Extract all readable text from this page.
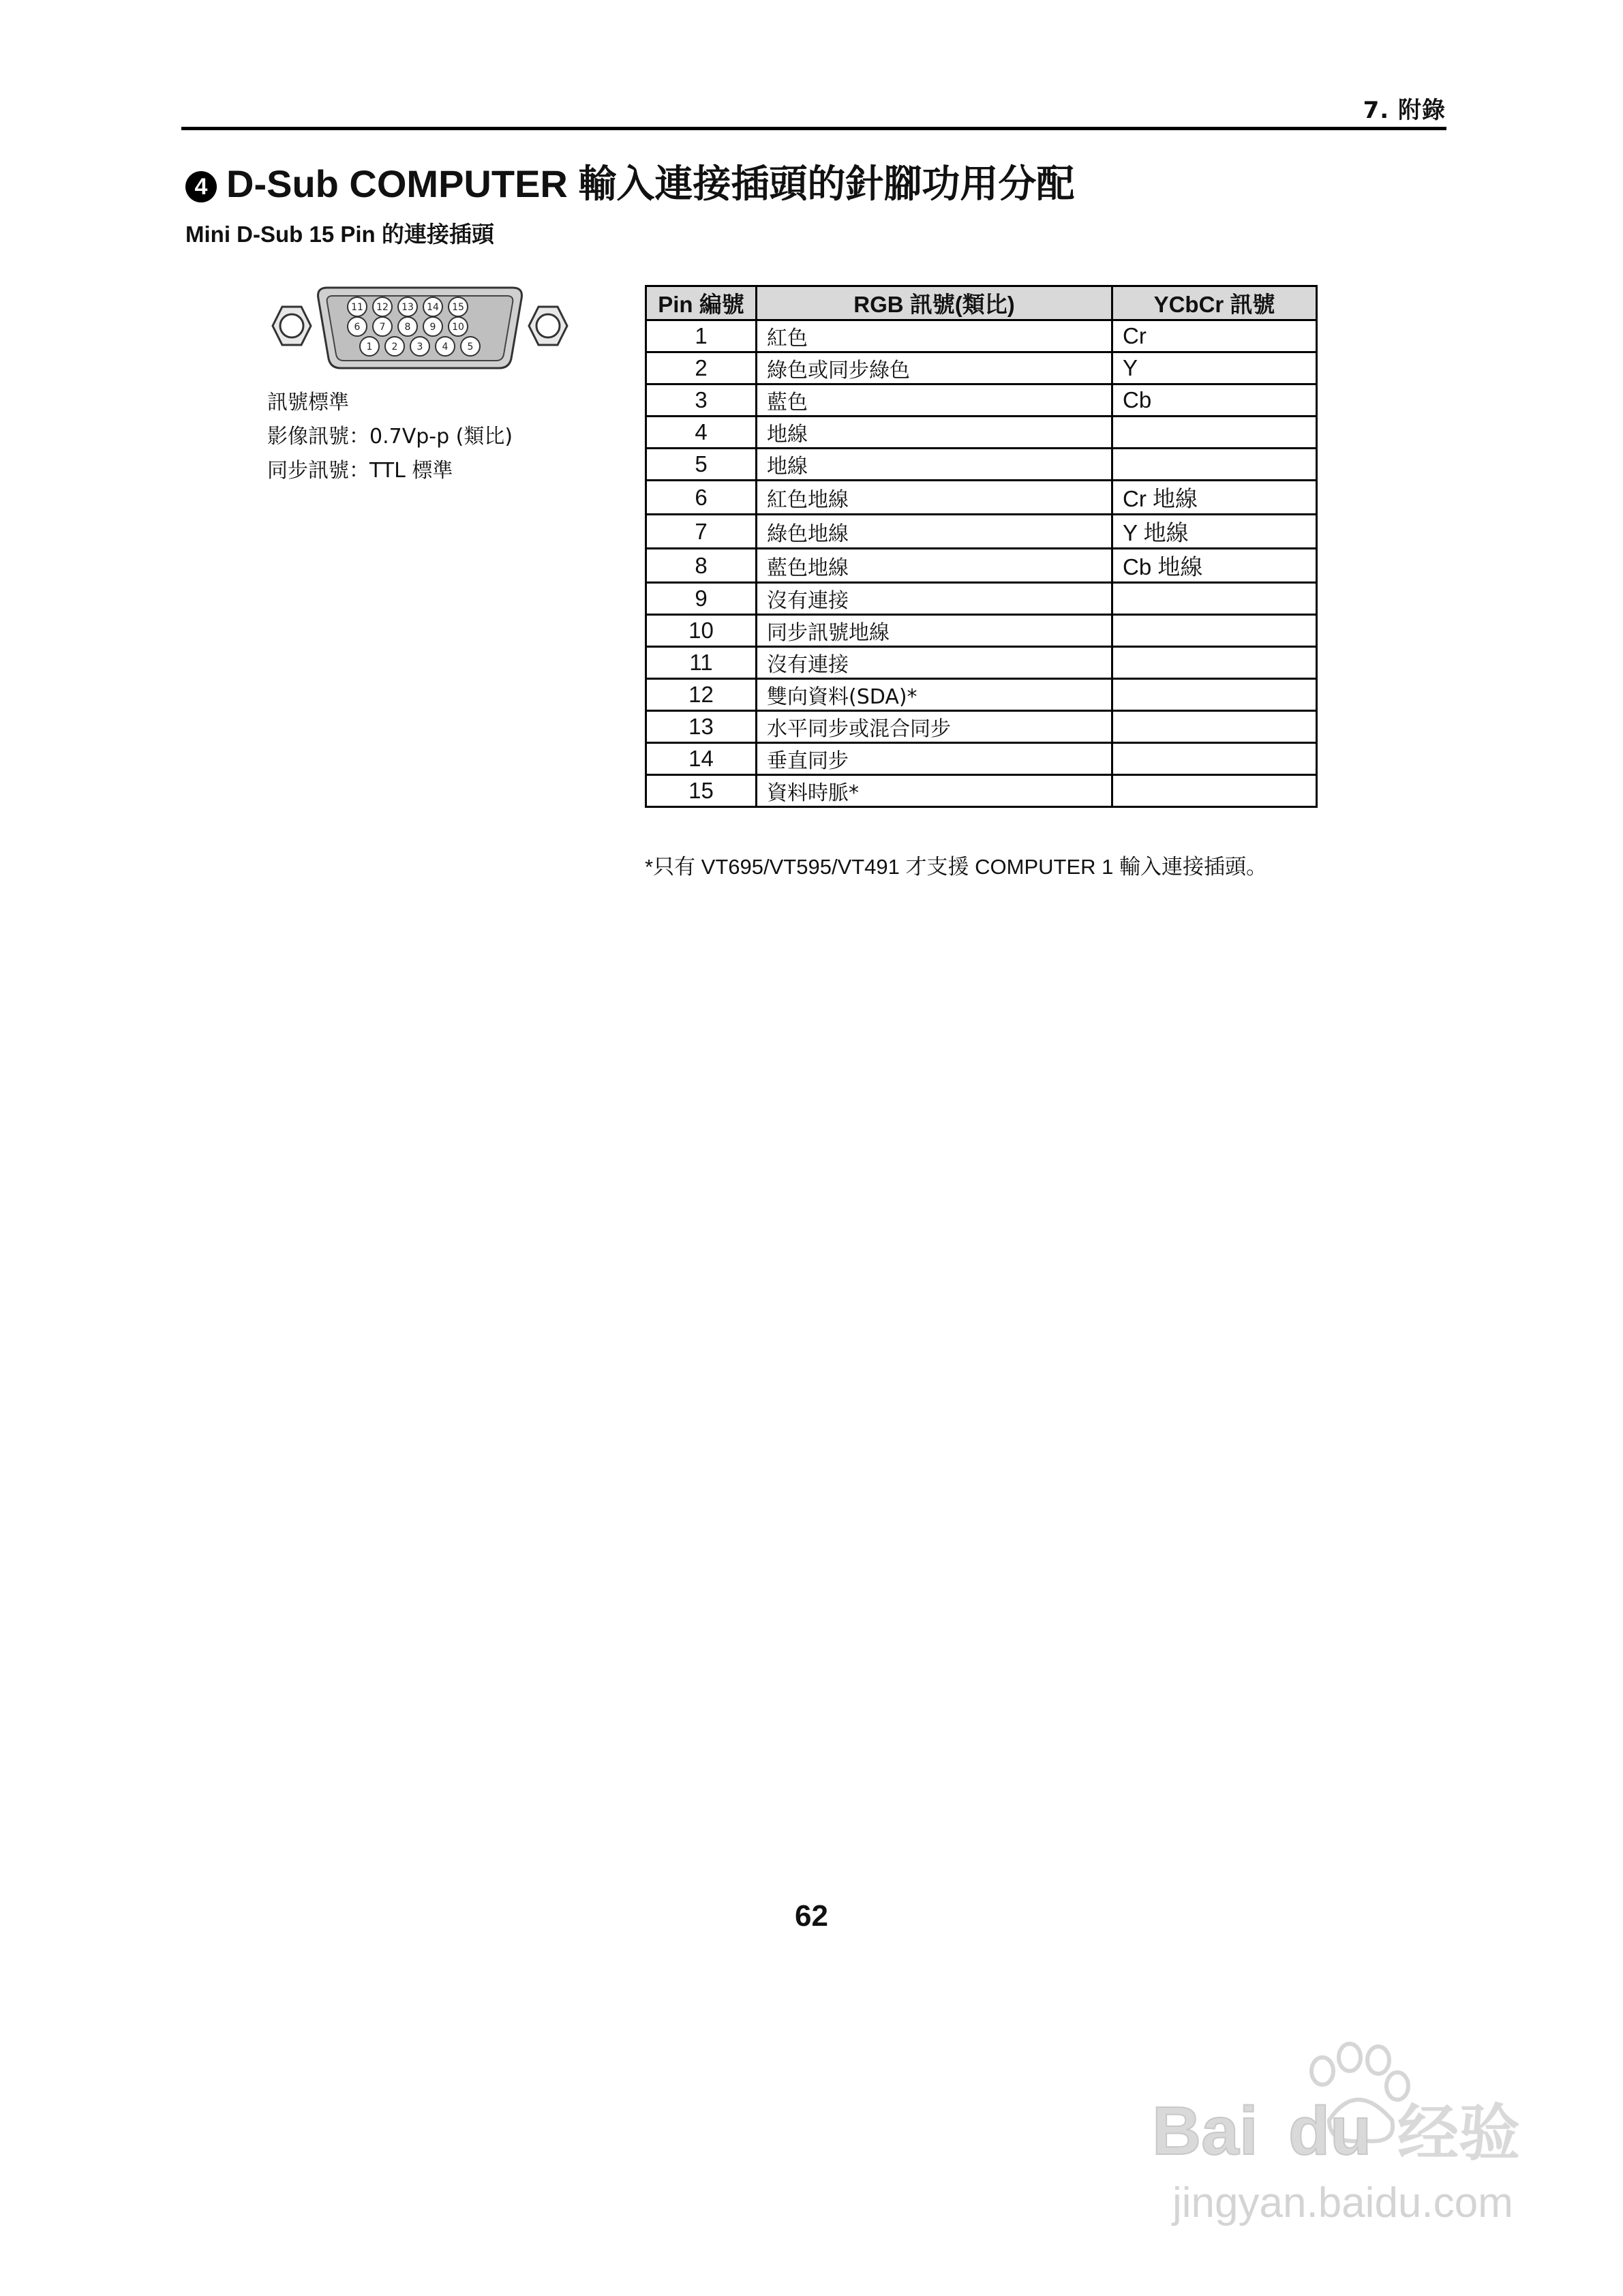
7. 附錄
4 D-Sub COMPUTER 輸入連接插頭的針腳功用分配
Mini D-Sub 15 Pin 的連接插頭
11 12 13 14 15
6 7 8 9 10
1 2 3 4 5
訊號標準
影像訊號：0.7Vp-p (類比)
同步訊號：TTL 標準
Pin 編號	RGB 訊號(類比)	YCbCr 訊號
1	紅色	Cr
2	綠色或同步綠色	Y
3	藍色	Cb
4	地線	
5	地線	
6	紅色地線	Cr 地線
7	綠色地線	Y 地線
8	藍色地線	Cb 地線
9	沒有連接	
10	同步訊號地線	
11	沒有連接	
12	雙向資料(SDA)*	
13	水平同步或混合同步	
14	垂直同步	
15	資料時脈*	
*只有 VT695/VT595/VT491 才支援 COMPUTER 1 輸入連接插頭。
62
Bai du 经验
jingyan.baidu.com
